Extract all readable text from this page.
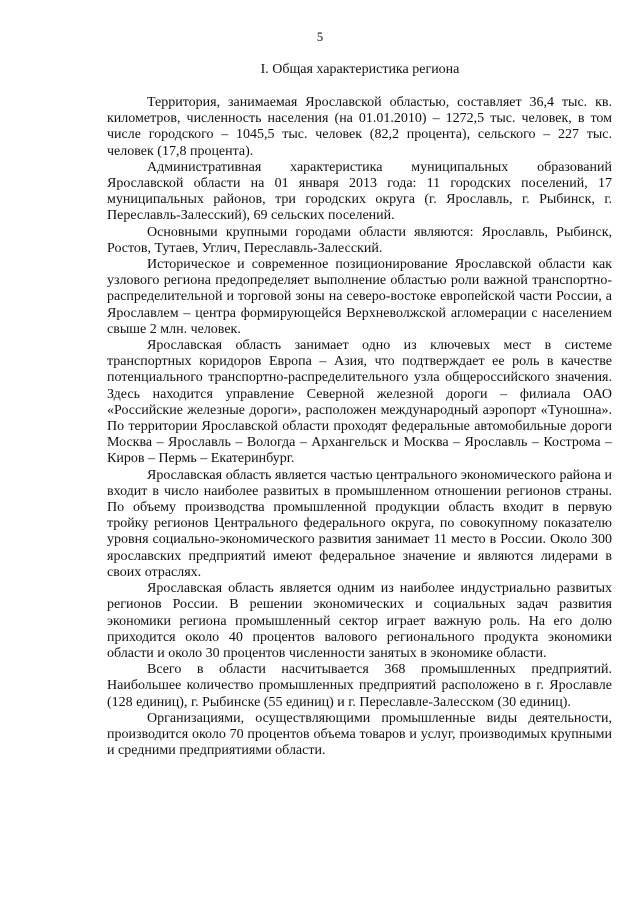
5
I. Общая характеристика региона

Территория, занимаемая Ярославской областью, составляет 36,4 тыс. кв. километров, численность населения (на 01.01.2010) – 1272,5 тыс. человек, в том числе городского – 1045,5 тыс. человек (82,2 процента), сельского – 227 тыс. человек (17,8 процента).

Административная характеристика муниципальных образований Ярославской области на 01 января 2013 года: 11 городских поселений, 17 муниципальных районов, три городских округа (г. Ярославль, г. Рыбинск, г. Переславль-Залесский), 69 сельских поселений.

Основными крупными городами области являются: Ярославль, Рыбинск, Ростов, Тутаев, Углич, Переславль-Залесский.

Историческое и современное позиционирование Ярославской области как узлового региона предопределяет выполнение областью роли важной транспортно-распределительной и торговой зоны на северо-востоке европейской части России, а Ярославлем – центра формирующейся Верхневолжской агломерации с населением свыше 2 млн. человек.

Ярославская область занимает одно из ключевых мест в системе транспортных коридоров Европа – Азия, что подтверждает ее роль в качестве потенциального транспортно-распределительного узла общероссийского значения. Здесь находится управление Северной железной дороги – филиала ОАО «Российские железные дороги», расположен международный аэропорт «Туношна». По территории Ярославской области проходят федеральные автомобильные дороги Москва – Ярославль – Вологда – Архангельск и Москва – Ярославль – Кострома – Киров – Пермь – Екатеринбург.

Ярославская область является частью центрального экономического района и входит в число наиболее развитых в промышленном отношении регионов страны. По объему производства промышленной продукции область входит в первую тройку регионов Центрального федерального округа, по совокупному показателю уровня социально-экономического развития занимает 11 место в России. Около 300 ярославских предприятий имеют федеральное значение и являются лидерами в своих отраслях.

Ярославская область является одним из наиболее индустриально развитых регионов России. В решении экономических и социальных задач развития экономики региона промышленный сектор играет важную роль. На его долю приходится около 40 процентов валового регионального продукта экономики области и около 30 процентов численности занятых в экономике области.

Всего в области насчитывается 368 промышленных предприятий. Наибольшее количество промышленных предприятий расположено в г. Ярославле (128 единиц), г. Рыбинске (55 единиц) и г. Переславле-Залесском (30 единиц).

Организациями, осуществляющими промышленные виды деятельности, производится около 70 процентов объема товаров и услуг, производимых крупными и средними предприятиями области.
